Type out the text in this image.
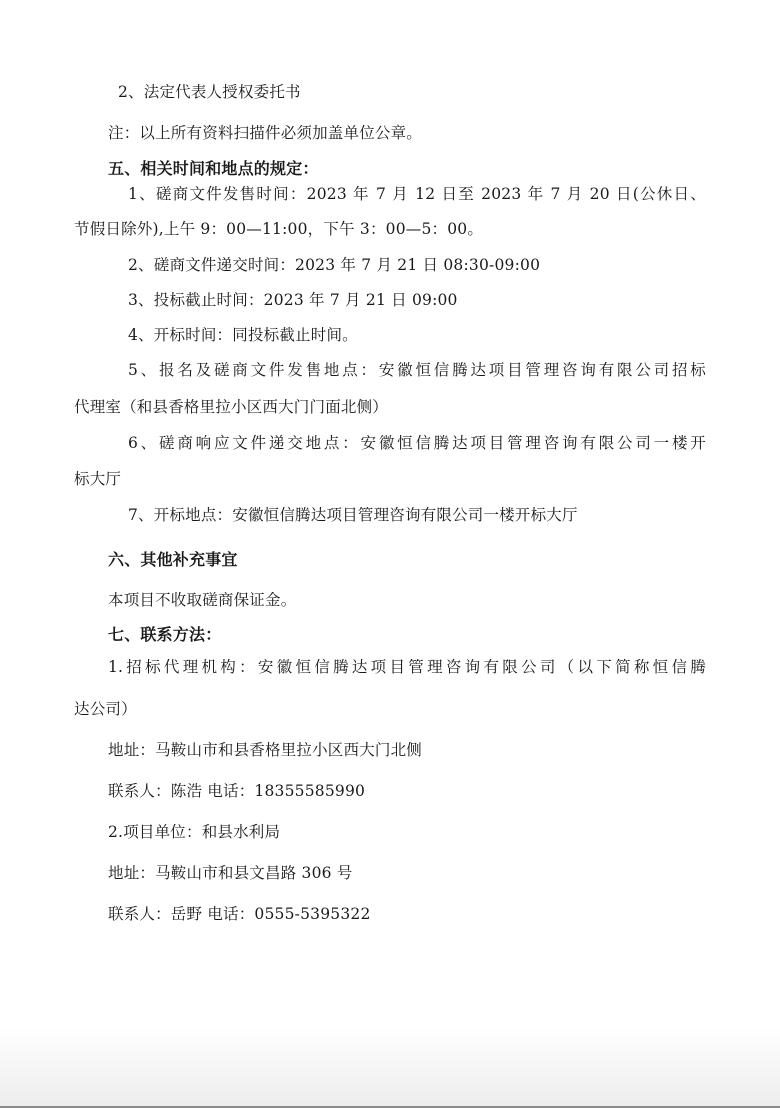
2、法定代表人授权委托书
注：以上所有资料扫描件必须加盖单位公章。
五、相关时间和地点的规定：
1、磋商文件发售时间：2023 年 7 月 12 日至 2023 年 7 月 20 日(公休日、
节假日除外),上午 9：00—11:00，下午 3：00—5：00。
2、磋商文件递交时间：2023 年 7 月 21 日 08:30-09:00
3、投标截止时间：2023 年 7 月 21 日 09:00
4、开标时间：同投标截止时间。
5、报名及磋商文件发售地点：安徽恒信腾达项目管理咨询有限公司招标
代理室（和县香格里拉小区西大门门面北侧）
6、磋商响应文件递交地点：安徽恒信腾达项目管理咨询有限公司一楼开
标大厅
7、开标地点：安徽恒信腾达项目管理咨询有限公司一楼开标大厅
六、其他补充事宜
本项目不收取磋商保证金。
七、联系方法：
1.招标代理机构：安徽恒信腾达项目管理咨询有限公司（以下简称恒信腾
达公司）
地址：马鞍山市和县香格里拉小区西大门北侧
联系人：陈浩 电话：18355585990
2.项目单位：和县水利局
地址：马鞍山市和县文昌路 306 号
联系人：岳野 电话：0555-5395322
